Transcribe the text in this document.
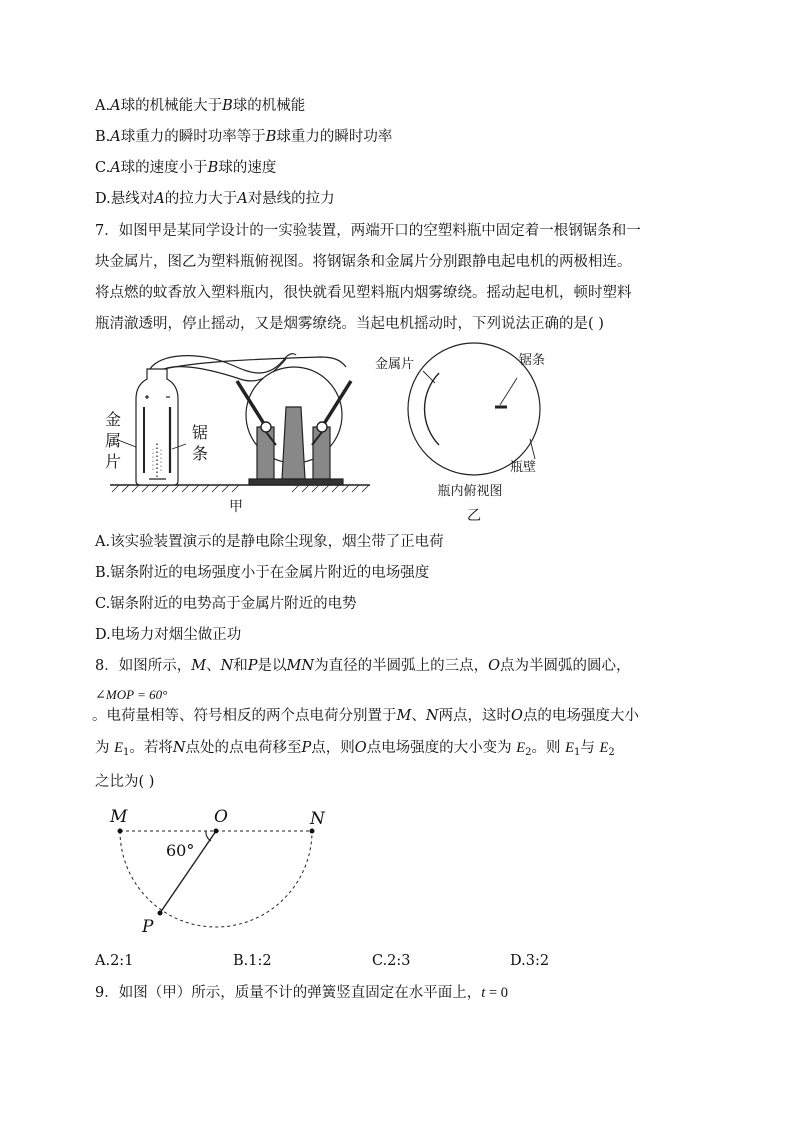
A.A球的机械能大于B球的机械能
B.A球重力的瞬时功率等于B球重力的瞬时功率
C.A球的速度小于B球的速度
D.悬线对A的拉力大于A对悬线的拉力
7．如图甲是某同学设计的一实验装置，两端开口的空塑料瓶中固定着一根钢锯条和一
块金属片，图乙为塑料瓶俯视图。将钢锯条和金属片分别跟静电起电机的两极相连。
将点燃的蚊香放入塑料瓶内，很快就看见塑料瓶内烟雾缭绕。摇动起电机，顿时塑料
瓶清澈透明，停止摇动，又是烟雾缭绕。当起电机摇动时，下列说法正确的是( )
金
属
片
锯
条
甲
金属片	锯条
瓶壁
瓶内俯视图
乙
A.该实验装置演示的是静电除尘现象，烟尘带了正电荷
B.锯条附近的电场强度小于在金属片附近的电场强度
C.锯条附近的电势高于金属片附近的电势
D.电场力对烟尘做正功
8．如图所示，M、N和P是以MN为直径的半圆弧上的三点，O点为半圆弧的圆心，
∠MOP = 60°
。电荷量相等、符号相反的两个点电荷分别置于M、N两点，这时O点的电场强度大小
为 $E_1$。若将N点处的点电荷移至P点，则O点电场强度的大小变为 $E_2$。则 $E_1$与 $E_2$
之比为( )
M	O	N
P
60°
A.2:1	B.1:2	C.2:3	D.3:2
9．如图（甲）所示，质量不计的弹簧竖直固定在水平面上，t = 0
